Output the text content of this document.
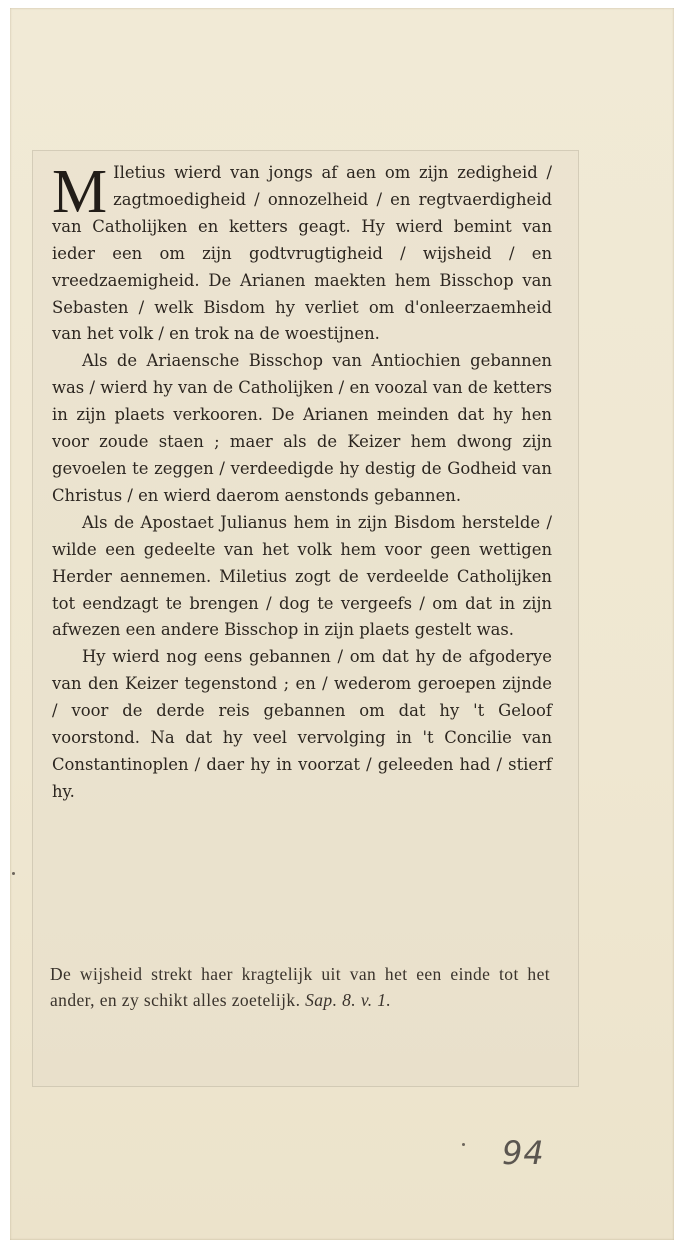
M Iletius wierd van jongs af aen om zijn zedigheid / zagtmoedigheid / onnozelheid / en regtvaerdigheid van Catholijken en ketters geagt. Hy wierd bemint van ieder een om zijn godtvrugtigheid / wijsheid / en vreedzaemigheid. De Arianen maekten hem Bisschop van Sebasten / welk Bisdom hy verliet om d'onleerzaemheid van het volk / en trok na de woestijnen.

Als de Ariaensche Bisschop van Antiochien gebannen was / wierd hy van de Catholijken / en voozal van de ketters in zijn plaets verkooren. De Arianen meinden dat hy hen voor zoude staen ; maer als de Keizer hem dwong zijn gevoelen te zeggen / verdeedigde hy destig de Godheid van Christus / en wierd daerom aenstonds gebannen.

Als de Apostaet Julianus hem in zijn Bisdom herstelde / wilde een gedeelte van het volk hem voor geen wettigen Herder aennemen. Miletius zogt de verdeelde Catholijken tot eendzagt te brengen / dog te vergeefs / om dat in zijn afwezen een andere Bisschop in zijn plaets gestelt was.

Hy wierd nog eens gebannen / om dat hy de afgoderye van den Keizer tegenstond ; en / wederom geroepen zijnde / voor de derde reis gebannen om dat hy 't Geloof voorstond. Na dat hy veel vervolging in 't Concilie van Constantinoplen / daer hy in voorzat / geleeden had / stierf hy.

De wijsheid strekt haer kragtelijk uit van het een einde tot het ander, en zy schikt alles zoetelijk. Sap. 8. v. 1.
94
